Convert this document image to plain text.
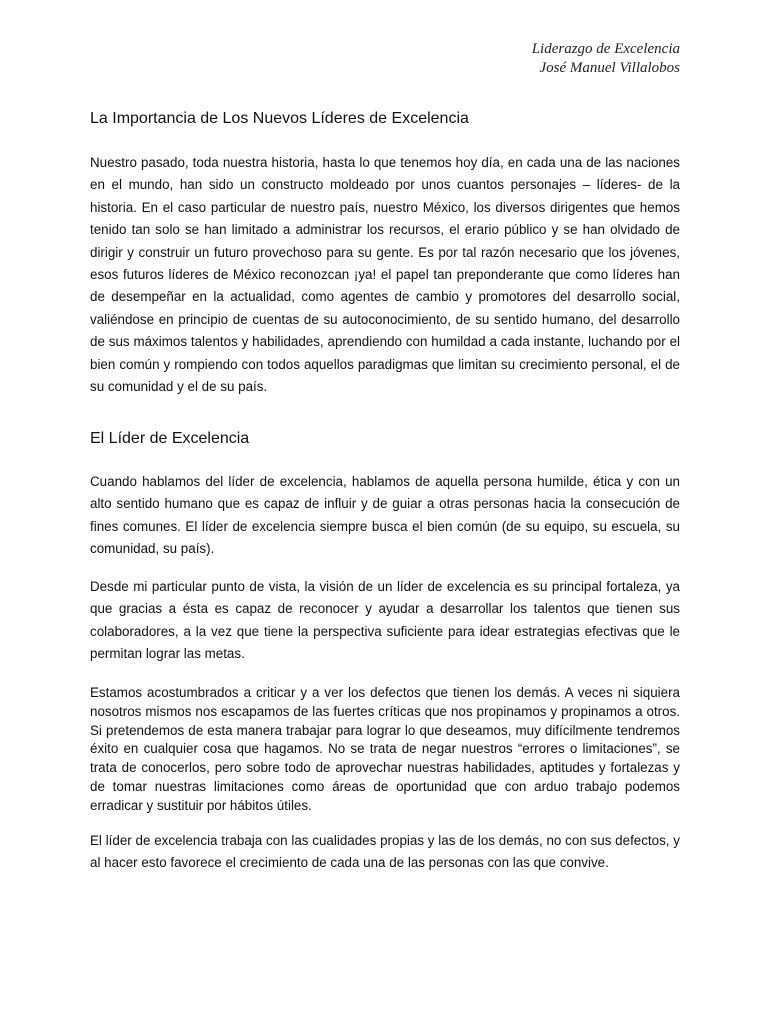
Liderazgo de Excelencia
José Manuel Villalobos
La Importancia de Los Nuevos Líderes de Excelencia

Nuestro pasado, toda nuestra historia, hasta lo que tenemos hoy día, en cada una de las naciones en el mundo, han sido un constructo moldeado por unos cuantos personajes – líderes- de la historia. En el caso particular de nuestro país, nuestro México, los diversos dirigentes que hemos tenido tan solo se han limitado a administrar los recursos, el erario público y se han olvidado de dirigir y construir un futuro provechoso para su gente. Es por tal razón necesario que los jóvenes, esos futuros líderes de México reconozcan ¡ya! el papel tan preponderante que como líderes han de desempeñar en la actualidad, como agentes de cambio y promotores del desarrollo social, valiéndose en principio de cuentas de su autoconocimiento, de su sentido humano, del desarrollo de sus máximos talentos y habilidades, aprendiendo con humildad a cada instante, luchando por el bien común y rompiendo con todos aquellos paradigmas que limitan su crecimiento personal, el de su comunidad y el de su país.

El Líder de Excelencia

Cuando hablamos del líder de excelencia, hablamos de aquella persona humilde, ética y con un alto sentido humano que es capaz de influir y de guiar a otras personas hacia la consecución de fines comunes. El líder de excelencia siempre busca el bien común (de su equipo, su escuela, su comunidad, su país).

Desde mi particular punto de vista, la visión de un líder de excelencia es su principal fortaleza, ya que gracias a ésta es capaz de reconocer y ayudar a desarrollar los talentos que tienen sus colaboradores, a la vez que tiene la perspectiva suficiente para idear estrategias efectivas que le permitan lograr las metas.

Estamos acostumbrados a criticar y a ver los defectos que tienen los demás. A veces ni siquiera nosotros mismos nos escapamos de las fuertes críticas que nos propinamos y propinamos a otros. Si pretendemos de esta manera trabajar para lograr lo que deseamos, muy difícilmente tendremos éxito en cualquier cosa que hagamos. No se trata de negar nuestros “errores o limitaciones”, se trata de conocerlos, pero sobre todo de aprovechar nuestras habilidades, aptitudes y fortalezas y de tomar nuestras limitaciones como áreas de oportunidad que con arduo trabajo podemos erradicar y sustituir por hábitos útiles.

El líder de excelencia trabaja con las cualidades propias y las de los demás, no con sus defectos, y al hacer esto favorece el crecimiento de cada una de las personas con las que convive.
